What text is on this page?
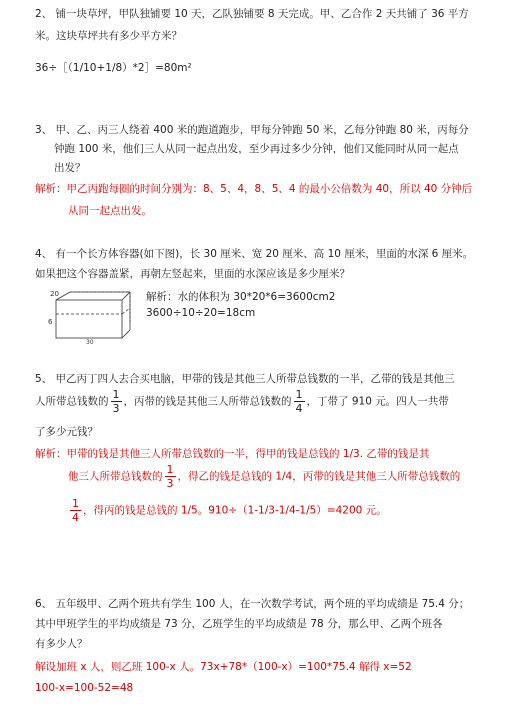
2、 铺一块草坪，甲队独铺要 10 天，乙队独铺要 8 天完成。甲、乙合作 2 天共铺了 36 平方
米。这块草坪共有多少平方米？
36÷［（1/10+1/8）*2］=80m²
3、 甲、乙、丙三人绕着 400 米的跑道跑步，甲每分钟跑 50 米，乙每分钟跑 80 米，丙每分
钟跑 100 米，他们三人从同一起点出发，至少再过多少分钟，他们又能同时从同一起点
出发？
解析：甲乙丙跑每圈的时间分别为：8、5、4，8、5、4 的最小公倍数为 40，所以 40 分钟后
从同一起点出发。
4、 有一个长方体容器(如下图)，长 30 厘米、宽 20 厘米、高 10 厘米，里面的水深 6 厘米。
如果把这个容器盖紧，再朝左竖起来，里面的水深应该是多少厘米？
20
6
30
解析：水的体积为 30*20*6=3600cm2
3600÷10÷20=18cm
5、 甲乙丙丁四人去合买电脑，甲带的钱是其他三人所带总钱数的一半，乙带的钱是其他三
人所带总钱数的 $\frac{1}{3}$ ，丙带的钱是其他三人所带总钱数的 $\frac{1}{4}$ ，丁带了 910 元。四人一共带
了多少元钱？
解析：甲带的钱是其他三人所带总钱数的一半，得甲的钱是总钱的 1/3. 乙带的钱是其
他三人所带总钱数的 $\frac{1}{3}$ ，得乙的钱是总钱的 1/4，丙带的钱是其他三人所带总钱数的
$\frac{1}{4}$ ，得丙的钱是总钱的 1/5。910÷（1-1/3-1/4-1/5）=4200 元。
6、 五年级甲、乙两个班共有学生 100 人，在一次数学考试，两个班的平均成绩是 75.4 分；
其中甲班学生的平均成绩是 73 分，乙班学生的平均成绩是 78 分，那么甲、乙两个班各
有多少人？
解设加班 x 人，则乙班 100-x 人。73x+78*（100-x）=100*75.4 解得 x=52
100-x=100-52=48
